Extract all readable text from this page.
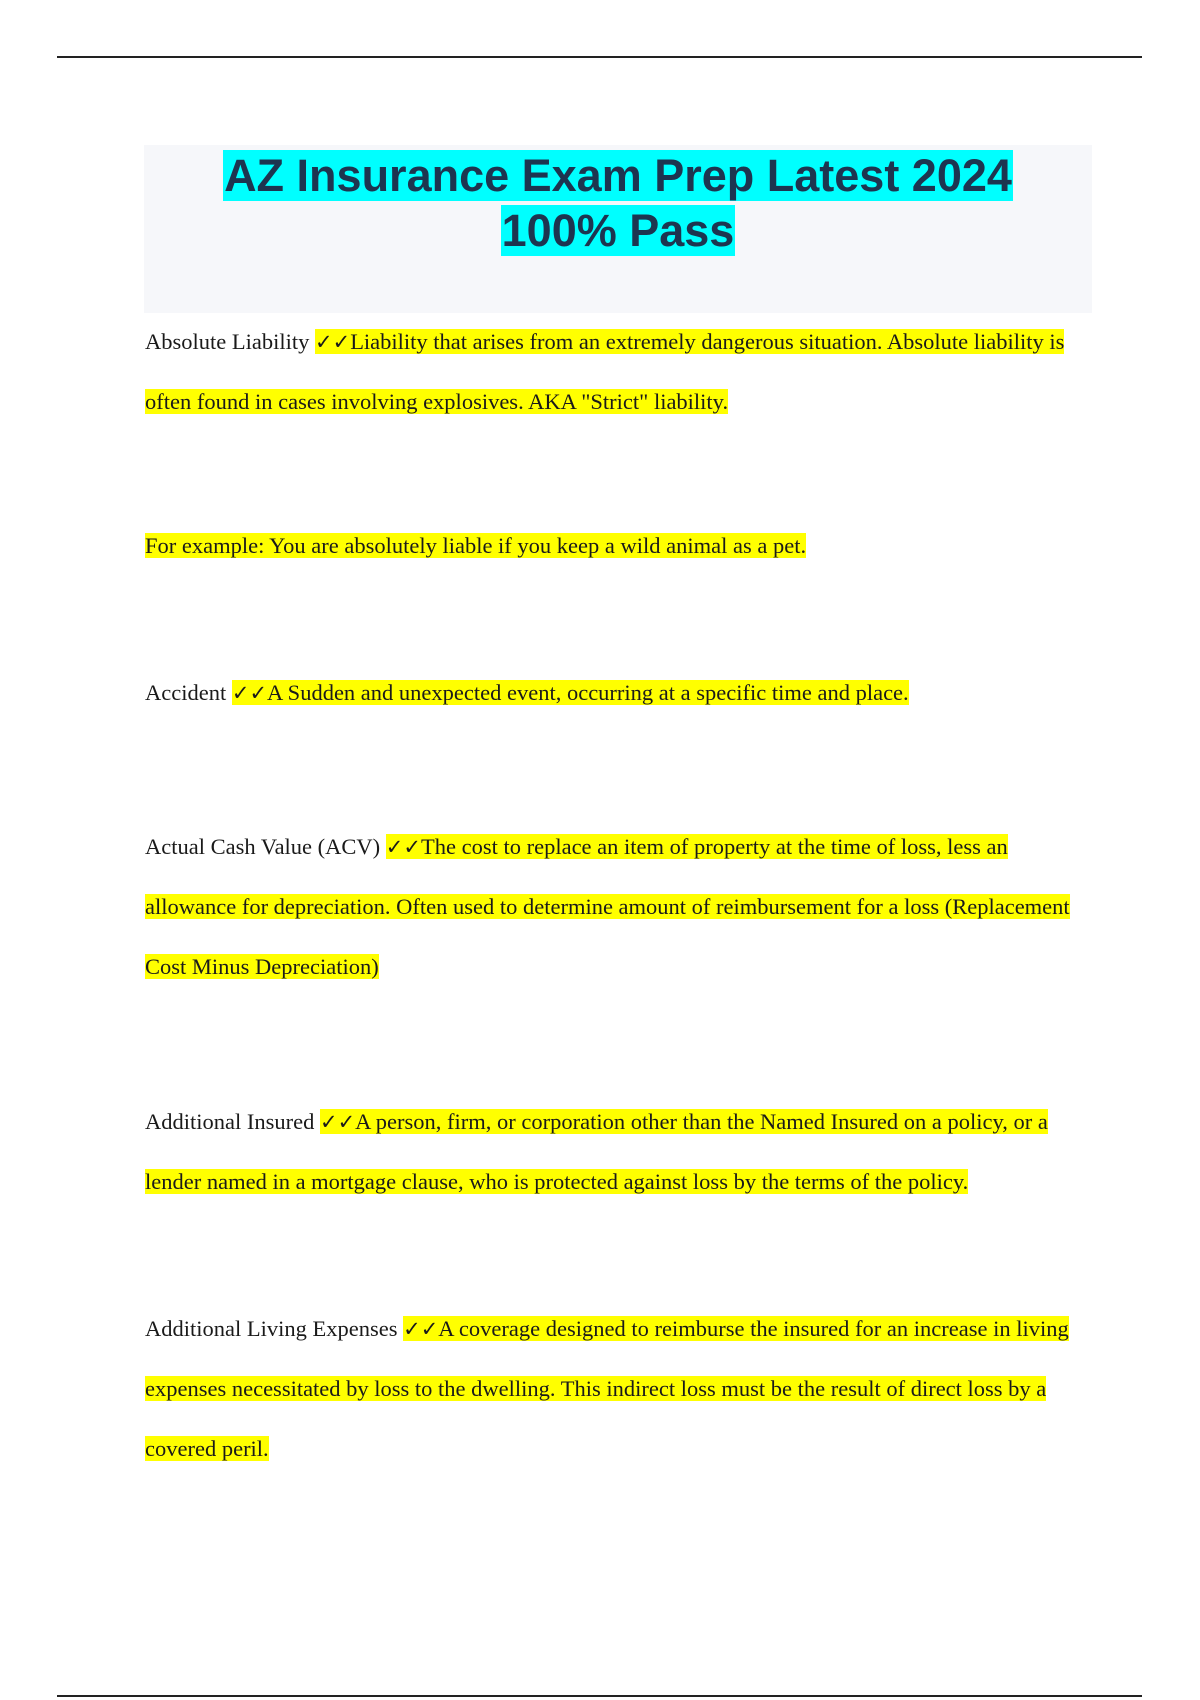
AZ Insurance Exam Prep Latest 2024
100% Pass

Absolute Liability ✓✓Liability that arises from an extremely dangerous situation. Absolute liability is often found in cases involving explosives. AKA "Strict" liability.

For example: You are absolutely liable if you keep a wild animal as a pet.

Accident ✓✓A Sudden and unexpected event, occurring at a specific time and place.

Actual Cash Value (ACV) ✓✓The cost to replace an item of property at the time of loss, less an allowance for depreciation. Often used to determine amount of reimbursement for a loss (Replacement Cost Minus Depreciation)

Additional Insured ✓✓A person, firm, or corporation other than the Named Insured on a policy, or a lender named in a mortgage clause, who is protected against loss by the terms of the policy.

Additional Living Expenses ✓✓A coverage designed to reimburse the insured for an increase in living expenses necessitated by loss to the dwelling. This indirect loss must be the result of direct loss by a covered peril.
